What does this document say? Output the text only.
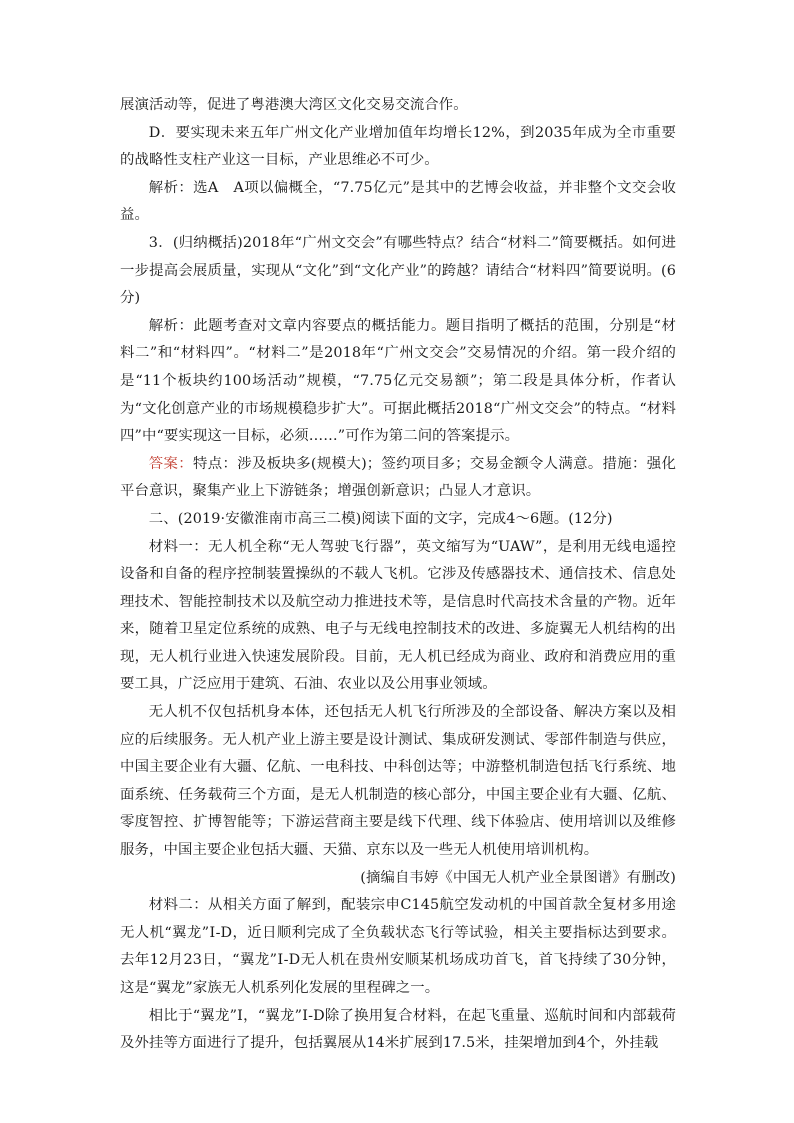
展演活动等，促进了粤港澳大湾区文化交易交流合作。

D．要实现未来五年广州文化产业增加值年均增长12%，到2035年成为全市重要的战略性支柱产业这一目标，产业思维必不可少。

解析：选A　A项以偏概全，“7.75亿元”是其中的艺博会收益，并非整个文交会收益。

3．(归纳概括)2018年“广州文交会”有哪些特点？结合“材料二”简要概括。如何进一步提高会展质量，实现从“文化”到“文化产业”的跨越？请结合“材料四”简要说明。(6分)

解析：此题考查对文章内容要点的概括能力。题目指明了概括的范围，分别是“材料二”和“材料四”。“材料二”是2018年“广州文交会”交易情况的介绍。第一段介绍的是“11个板块约100场活动”规模，“7.75亿元交易额”；第二段是具体分析，作者认为“文化创意产业的市场规模稳步扩大”。可据此概括2018“广州文交会”的特点。“材料四”中“要实现这一目标，必须……”可作为第二问的答案提示。

答案：特点：涉及板块多(规模大)；签约项目多；交易金额令人满意。措施：强化平台意识，聚集产业上下游链条；增强创新意识；凸显人才意识。

二、(2019·安徽淮南市高三二模)阅读下面的文字，完成4～6题。(12分)

材料一：无人机全称“无人驾驶飞行器”，英文缩写为“UAW”，是利用无线电遥控设备和自备的程序控制装置操纵的不载人飞机。它涉及传感器技术、通信技术、信息处理技术、智能控制技术以及航空动力推进技术等，是信息时代高技术含量的产物。近年来，随着卫星定位系统的成熟、电子与无线电控制技术的改进、多旋翼无人机结构的出现，无人机行业进入快速发展阶段。目前，无人机已经成为商业、政府和消费应用的重要工具，广泛应用于建筑、石油、农业以及公用事业领域。

无人机不仅包括机身本体，还包括无人机飞行所涉及的全部设备、解决方案以及相应的后续服务。无人机产业上游主要是设计测试、集成研发测试、零部件制造与供应，中国主要企业有大疆、亿航、一电科技、中科创达等；中游整机制造包括飞行系统、地面系统、任务载荷三个方面，是无人机制造的核心部分，中国主要企业有大疆、亿航、零度智控、扩博智能等；下游运营商主要是线下代理、线下体验店、使用培训以及维修服务，中国主要企业包括大疆、天猫、京东以及一些无人机使用培训机构。

(摘编自韦婷《中国无人机产业全景图谱》有删改)

材料二：从相关方面了解到，配装宗申C145航空发动机的中国首款全复材多用途无人机“翼龙”Ⅰ-D，近日顺利完成了全负载状态飞行等试验，相关主要指标达到要求。去年12月23日，“翼龙”Ⅰ-D无人机在贵州安顺某机场成功首飞，首飞持续了30分钟，这是“翼龙”家族无人机系列化发展的里程碑之一。

相比于“翼龙”Ⅰ，“翼龙”Ⅰ-D除了换用复合材料，在起飞重量、巡航时间和内部载荷及外挂等方面进行了提升，包括翼展从14米扩展到17.5米，挂架增加到4个，外挂载
